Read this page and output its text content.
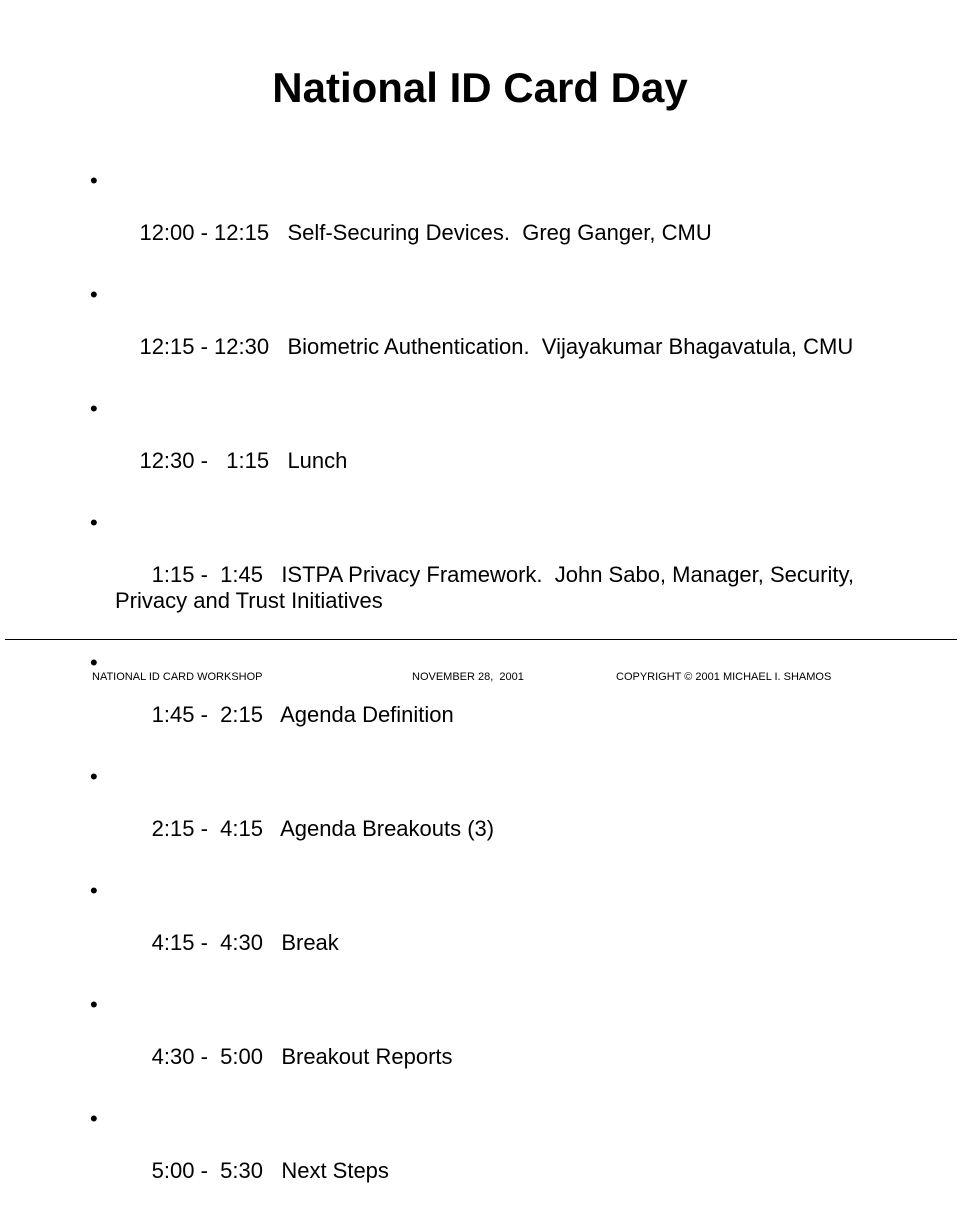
National ID Card Day

•

12:00 - 12:15   Self-Securing Devices.  Greg Ganger, CMU

•

12:15 - 12:30   Biometric Authentication.  Vijayakumar Bhagavatula, CMU

•

12:30 -   1:15   Lunch

•

1:15 -  1:45   ISTPA Privacy Framework.  John Sabo, Manager, Security, Privacy and Trust Initiatives

•

1:45 -  2:15   Agenda Definition

•

2:15 -  4:15   Agenda Breakouts (3)

•

4:15 -  4:30   Break

•

4:30 -  5:00   Breakout Reports

•

5:00 -  5:30   Next Steps

NATIONAL ID CARD WORKSHOP	NOVEMBER 28,  2001	COPYRIGHT © 2001 MICHAEL I. SHAMOS
